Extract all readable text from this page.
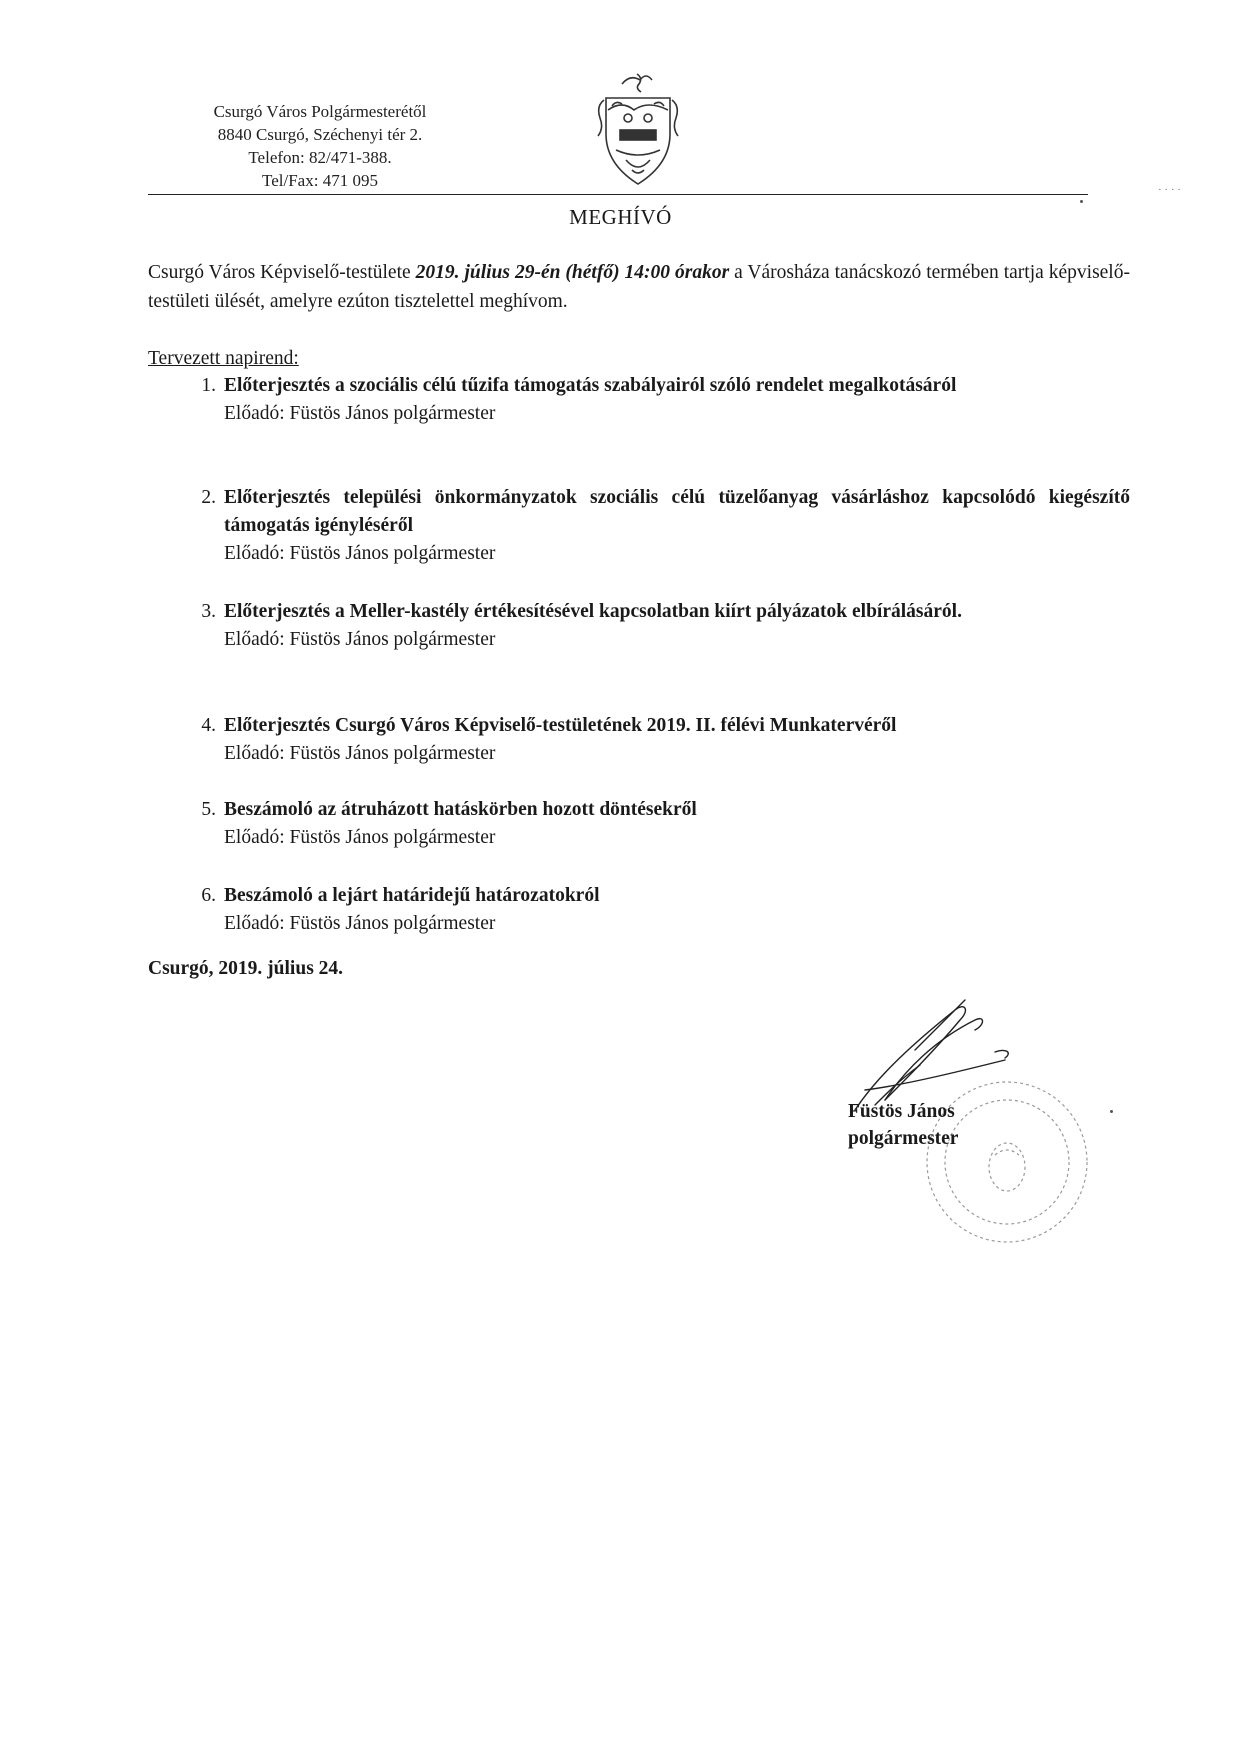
Csurgó Város Polgármesterétől
8840 Csurgó, Széchenyi tér 2.
Telefon: 82/471-388.
Tel/Fax: 471 095	· · · ·
MEGHÍVÓ
Csurgó Város Képviselő-testülete 2019. július 29-én (hétfő) 14:00 órakor a Városháza tanácskozó termében tartja képviselő-testületi ülését, amelyre ezúton tisztelettel meghívom.
Tervezett napirend:
1. Előterjesztés a szociális célú tűzifa támogatás szabályairól szóló rendelet megalkotásáról
Előadó: Füstös János polgármester
2. Előterjesztés települési önkormányzatok szociális célú tüzelőanyag vásárláshoz kapcsolódó kiegészítő támogatás igényléséről
Előadó: Füstös János polgármester
3. Előterjesztés a Meller-kastély értékesítésével kapcsolatban kiírt pályázatok elbírálásáról.
Előadó: Füstös János polgármester
4. Előterjesztés Csurgó Város Képviselő-testületének 2019. II. félévi Munkatervéről
Előadó: Füstös János polgármester
5. Beszámoló az átruházott hatáskörben hozott döntésekről
Előadó: Füstös János polgármester
6. Beszámoló a lejárt határidejű határozatokról
Előadó: Füstös János polgármester
Csurgó, 2019. július 24.
Füstös János
polgármester
